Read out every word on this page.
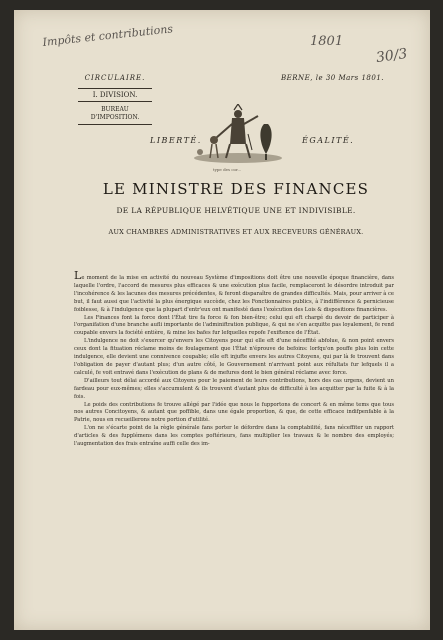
Impôts et contributions	1801
30/3
CIRCULAIRE.
I. DIVISION.
BUREAU
D'IMPOSITION.
BERNE, le 30 Mars 1801.
LIBERTÉ.	ÉGALITÉ.
type des cor...
LE MINISTRE DES FINANCES
DE LA RÉPUBLIQUE HELVÉTIQUE UNE ET INDIVISIBLE.
AUX CHAMBRES ADMINISTRATIVES ET AUX RECEVEURS GÉNÉRAUX.

Le moment de la mise en activité du nouveau Système d'impositions doit être une nouvelle époque financière, dans laquelle l'ordre, l'accord de mesures plus efficaces & une exécution plus facile, remplaceront le désordre introduit par l'incohérence & les lacunes des mesures précédentes, & feront disparaître de grandes difficultés. Mais, pour arriver à ce but, il faut aussi que l'activité la plus énergique succède, chez les Fonctionnaires publics, à l'indifférence & pernicieuse foiblesse, & à l'indulgence que la plupart d'entr'eux ont manifesté dans l'exécution des Lois & dispositions financières.

Les Finances font la force dont l'État tire fa force & fon bien-être; celui qui eft chargé du devoir de participer à l'organifation d'une branche aufli importante de l'adminiftration publique, & qui ne s'en acquitte pas loyalement, fe rend coupable envers la fociété entière, & mine les bafes fur lefquelles repofe l'exiftence de l'État.

L'indulgence ne doit s'exercer qu'envers les Citoyens pour qui elle eft d'une néceffité abfolue, & non point envers ceux dont la fituation réclame moins de foulagement que l'État n'éprouve de befoins: lorfqu'on pouffe plus loin cette indulgence, elle devient une connivence coupable; elle eft injufte envers les autres Citoyens, qui par là fe trouvent dans l'obligation de payer d'autant plus; d'un autre côté, le Gouvernement n'arrivant point aux réfultats fur lefquels il a calculé, fe voit entravé dans l'exécution de plans & de mefures dont le bien général réclame avec force.

D'ailleurs tout délai accordé aux Citoyens pour le paiement de leurs contributions, hors des cas urgens, devient un fardeau pour eux-mêmes; elles s'accumulent & ils trouvent d'autant plus de difficulté à les acquitter par la fuite & à la fois.

Le poids des contributions fe trouve allégé par l'idée que nous le fupportons de concert & en même tems que tous nos autres Concitoyens, & autant que poffible, dans une égale proportion, & que, de cette efficace indifpenfable à la Patrie, nous en recueillerons notre portion d'utilité.

L'on ne s'écarte point de la règle générale fans porter le défordre dans la comptabilité, fans néceffiter un rapport d'articles & des fupplémens dans les comptes poftérieurs, fans multiplier les travaux & le nombre des employés; l'augmentation des frais entraîne auffi celle des im-
